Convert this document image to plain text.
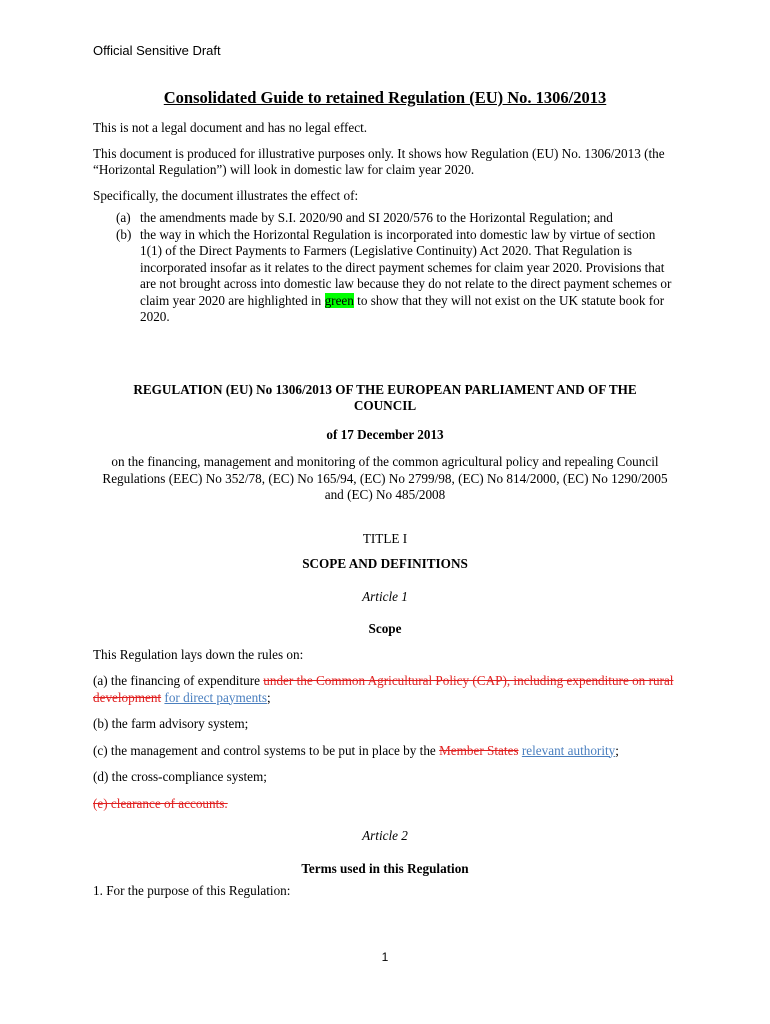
Official Sensitive Draft
Consolidated Guide to retained Regulation (EU) No. 1306/2013

This is not a legal document and has no legal effect.

This document is produced for illustrative purposes only. It shows how Regulation (EU) No. 1306/2013 (the “Horizontal Regulation”) will look in domestic law for claim year 2020.

Specifically, the document illustrates the effect of:

(a) the amendments made by S.I. 2020/90 and SI 2020/576 to the Horizontal Regulation; and
(b) the way in which the Horizontal Regulation is incorporated into domestic law by virtue of section 1(1) of the Direct Payments to Farmers (Legislative Continuity) Act 2020. That Regulation is incorporated insofar as it relates to the direct payment schemes for claim year 2020. Provisions that are not brought across into domestic law because they do not relate to the direct payment schemes or claim year 2020 are highlighted in green to show that they will not exist on the UK statute book for 2020.
REGULATION (EU) No 1306/2013 OF THE EUROPEAN PARLIAMENT AND OF THE COUNCIL
of 17 December 2013
on the financing, management and monitoring of the common agricultural policy and repealing Council Regulations (EEC) No 352/78, (EC) No 165/94, (EC) No 2799/98, (EC) No 814/2000, (EC) No 1290/2005 and (EC) No 485/2008
TITLE I
SCOPE AND DEFINITIONS
Article 1
Scope

This Regulation lays down the rules on:

(a) the financing of expenditure under the Common Agricultural Policy (CAP), including expenditure on rural development for direct payments;

(b) the farm advisory system;

(c) the management and control systems to be put in place by the Member States relevant authority;

(d) the cross-compliance system;

(e) clearance of accounts.

Article 2
Terms used in this Regulation

1. For the purpose of this Regulation:

1
